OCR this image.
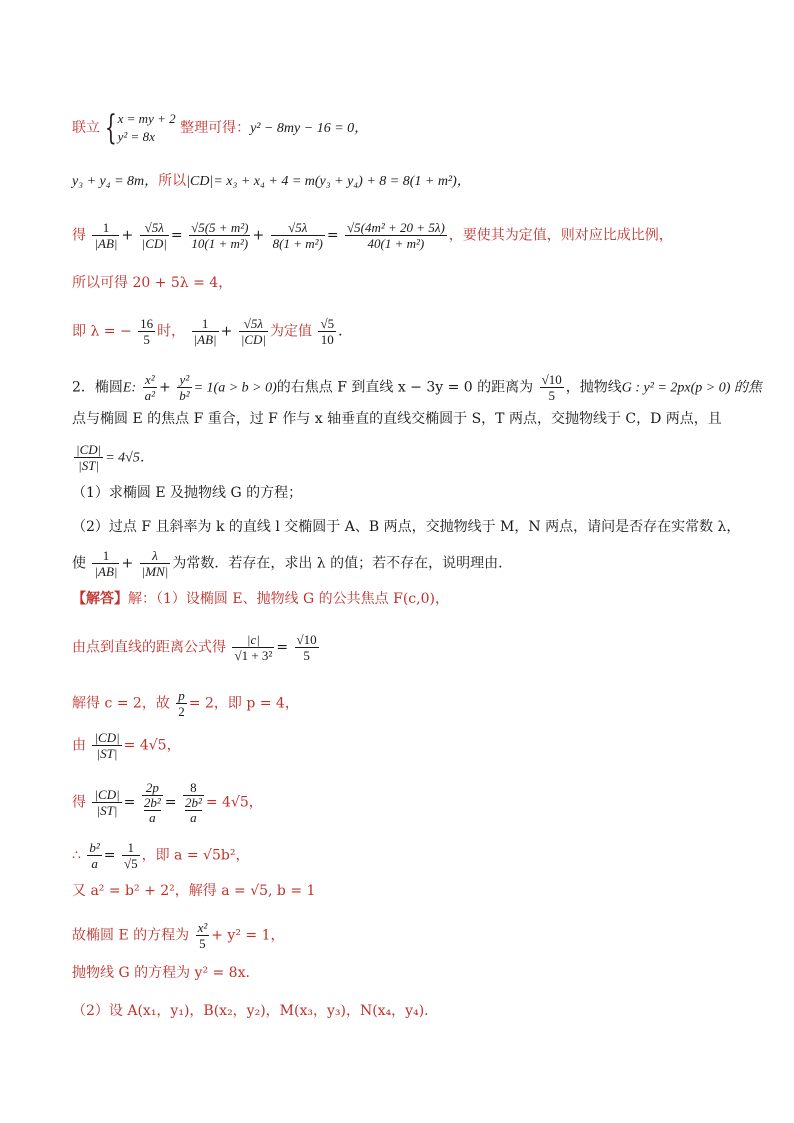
联立 { x = my + 2
y² = 8x
整理可得：y² − 8my − 16 = 0，
y₃ + y₄ = 8m，所以|CD|= x₃ + x₄ + 4 = m(y₃ + y₄) + 8 = 8(1 + m²)，
得 $\frac{1}{|AB|} + \frac{√5\lambda}{|CD|} = \frac{\text{√5(5 + m²)}}{\text{10(1 + m²)}} + \frac{√5\lambda}{\text{8(1 + m²)}} = \frac{\text{√5(4m² + 20 + 5λ)}}{\text{40(1 + m²)}}$ ，要使其为定值，则对应比成比例，
所以可得 20 + 5λ = 4，
即 λ = − $\frac{16}{5}$ 时， $\frac{1}{|AB|} + \frac{√5\lambda}{|CD|}$ 为定值 $\frac{√5}{10}$ ．
2．椭圆E: $\frac{\text{x²}}{\text{a²}} + \frac{\text{y²}}{\text{b²}} = 1(a > b > 0)$的右焦点 F 到直线 x − 3y = 0 的距离为 $\frac{√10}{5}$ ，抛物线G : y² = 2px(p > 0) 的焦
点与椭圆 E 的焦点 F 重合，过 F 作与 x 轴垂直的直线交椭圆于 S，T 两点，交抛物线于 C，D 两点，且
$\frac{|CD|}{|ST|} = 4√5$．
（1）求椭圆 E 及抛物线 G 的方程；
（2）过点 F 且斜率为 k 的直线 l 交椭圆于 A、B 两点，交抛物线于 M，N 两点，请问是否存在实常数 λ，
使 $\frac{1}{|AB|} + \frac{\lambda}{|MN|}$ 为常数．若存在，求出 λ 的值；若不存在，说明理由．
【解答】解：（1）设椭圆 E、抛物线 G 的公共焦点 F(c,0)，
由点到直线的距离公式得 $\frac{|c|}{\text{√1 + 3²}} = \frac{√10}{5}$
解得 c = 2，故 $\frac{p}{2} = 2$，即 p = 4，
由 $\frac{|CD|}{|ST|} = 4√5$，
得 $\frac{|CD|}{|ST|} = 2p$
2b²
a = 8
2b²
a = 4√5，
∴ $\frac{\text{b²}}{a} = \frac{1}{√5}$ ，即 a = √5b²，
又 a² = b² + 2²，解得 a = √5, b = 1
故椭圆 E 的方程为 $\frac{\text{x²}}{5} + y^2 = 1$，
抛物线 G 的方程为 y² = 8x．
（2）设 A(x₁，y₁)，B(x₂，y₂)，M(x₃，y₃)，N(x₄，y₄)．
